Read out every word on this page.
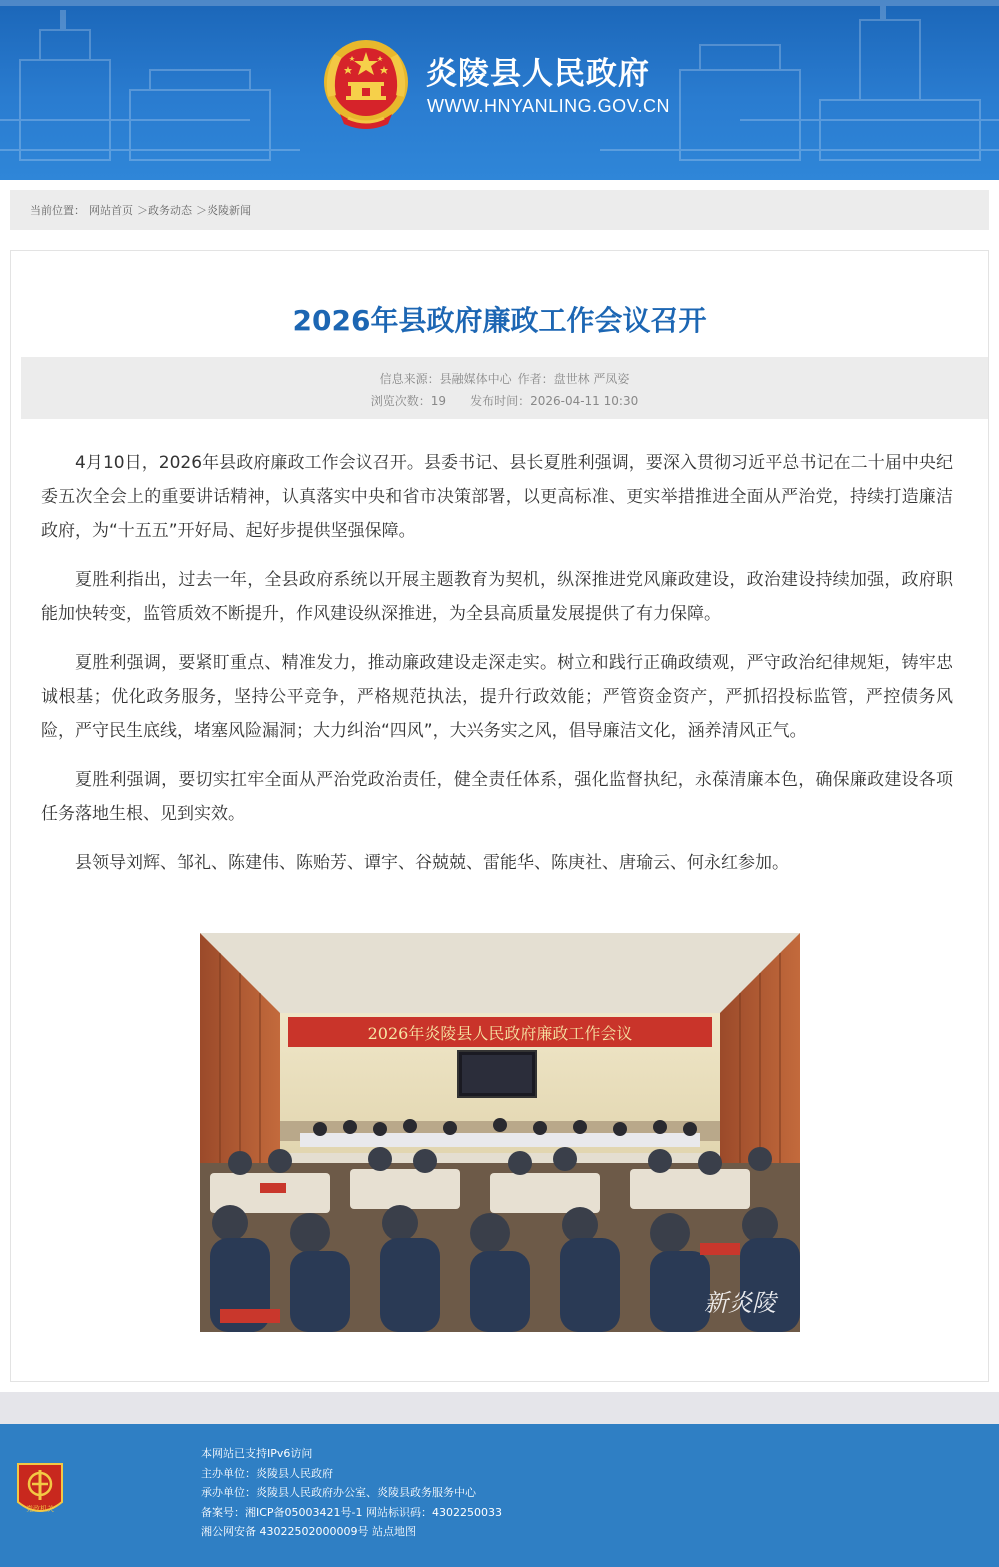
炎陵县人民政府
WWW.HNYANLING.GOV.CN
当前位置： 网站首页 ＞政务动态 ＞炎陵新闻
2026年县政府廉政工作会议召开
信息来源：县融媒体中心 作者：盘世林 严凤姿
浏览次数：19 发布时间：2026-04-11 10:30

4月10日，2026年县政府廉政工作会议召开。县委书记、县长夏胜利强调，要深入贯彻习近平总书记在二十届中央纪委五次全会上的重要讲话精神，认真落实中央和省市决策部署，以更高标准、更实举措推进全面从严治党，持续打造廉洁政府，为“十五五”开好局、起好步提供坚强保障。

夏胜利指出，过去一年，全县政府系统以开展主题教育为契机，纵深推进党风廉政建设，政治建设持续加强，政府职能加快转变，监管质效不断提升，作风建设纵深推进，为全县高质量发展提供了有力保障。

夏胜利强调，要紧盯重点、精准发力，推动廉政建设走深走实。树立和践行正确政绩观，严守政治纪律规矩，铸牢忠诚根基；优化政务服务，坚持公平竞争，严格规范执法，提升行政效能；严管资金资产，严抓招投标监管，严控债务风险，严守民生底线，堵塞风险漏洞；大力纠治“四风”，大兴务实之风，倡导廉洁文化，涵养清风正气。

夏胜利强调，要切实扛牢全面从严治党政治责任，健全责任体系，强化监督执纪，永葆清廉本色，确保廉政建设各项任务落地生根、见到实效。

县领导刘辉、邹礼、陈建伟、陈贻芳、谭宇、谷兢兢、雷能华、陈庚社、唐瑜云、何永红参加。

2026年炎陵县人民政府廉政工作会议
新炎陵
党政机关
本网站已支持IPv6访问
主办单位：炎陵县人民政府
承办单位：炎陵县人民政府办公室、炎陵县政务服务中心
备案号：湘ICP备05003421号-1 网站标识码：4302250033
湘公网安备 43022502000009号 站点地图
